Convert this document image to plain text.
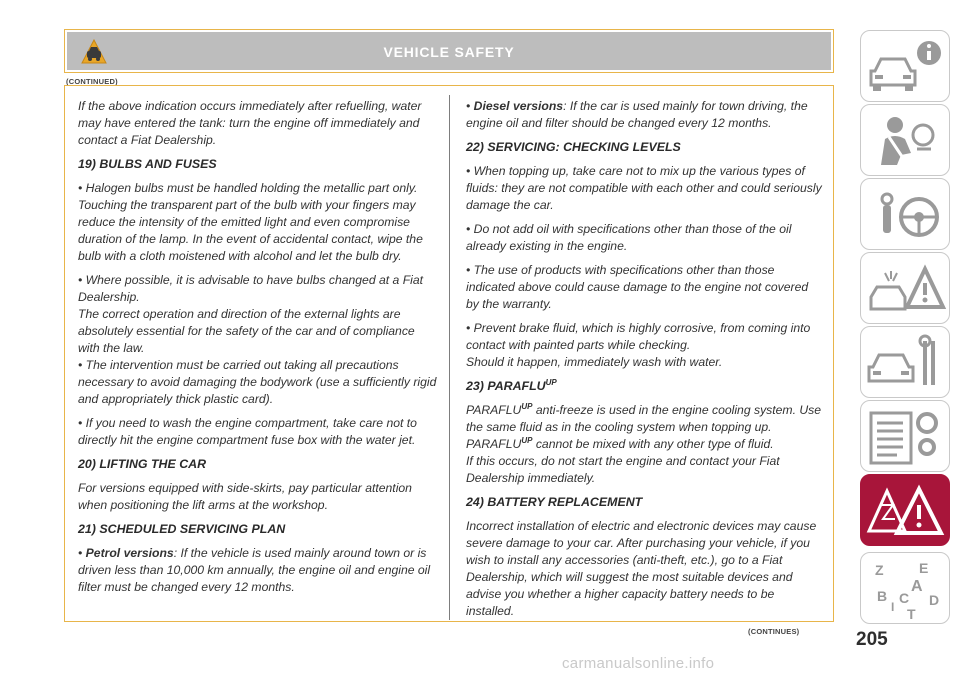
VEHICLE SAFETY
(CONTINUED)

If the above indication occurs immediately after refuelling, water may have entered the tank: turn the engine off immediately and contact a Fiat Dealership.

19) BULBS AND FUSES

• Halogen bulbs must be handled holding the metallic part only. Touching the transparent part of the bulb with your fingers may reduce the intensity of the emitted light and even compromise duration of the lamp. In the event of accidental contact, wipe the bulb with a cloth moistened with alcohol and let the bulb dry.

• Where possible, it is advisable to have bulbs changed at a Fiat Dealership.

The correct operation and direction of the external lights are absolutely essential for the safety of the car and of compliance with the law.

• The intervention must be carried out taking all precautions necessary to avoid damaging the bodywork (use a sufficiently rigid and appropriately thick plastic card).

• If you need to wash the engine compartment, take care not to directly hit the engine compartment fuse box with the water jet.

20) LIFTING THE CAR

For versions equipped with side-skirts, pay particular attention when positioning the lift arms at the workshop.

21) SCHEDULED SERVICING PLAN

• Petrol versions: If the vehicle is used mainly around town or is driven less than 10,000 km annually, the engine oil and engine oil filter must be changed every 12 months.

• Diesel versions: If the car is used mainly for town driving, the engine oil and filter should be changed every 12 months.

22) SERVICING: CHECKING LEVELS

• When topping up, take care not to mix up the various types of fluids: they are not compatible with each other and could seriously damage the car.

• Do not add oil with specifications other than those of the oil already existing in the engine.

• The use of products with specifications other than those indicated above could cause damage to the engine not covered by the warranty.

• Prevent brake fluid, which is highly corrosive, from coming into contact with painted parts while checking.

Should it happen, immediately wash with water.

23) $PARAFLU^{UP}$

$PARAFLU^{UP}$ anti-freeze is used in the engine cooling system. Use the same fluid as in the cooling system when topping up.

$PARAFLU^{UP}$ cannot be mixed with any other type of fluid.

If this occurs, do not start the engine and contact your Fiat Dealership immediately.

24) BATTERY REPLACEMENT

Incorrect installation of electric and electronic devices may cause severe damage to your car. After purchasing your vehicle, if you wish to install any accessories (anti-theft, etc.), go to a Fiat Dealership, which will suggest the most suitable devices and advise you whether a higher capacity battery needs to be installed.

(CONTINUES)	205
carmanualsonline.info
Z	E
A
B C D
T
I
